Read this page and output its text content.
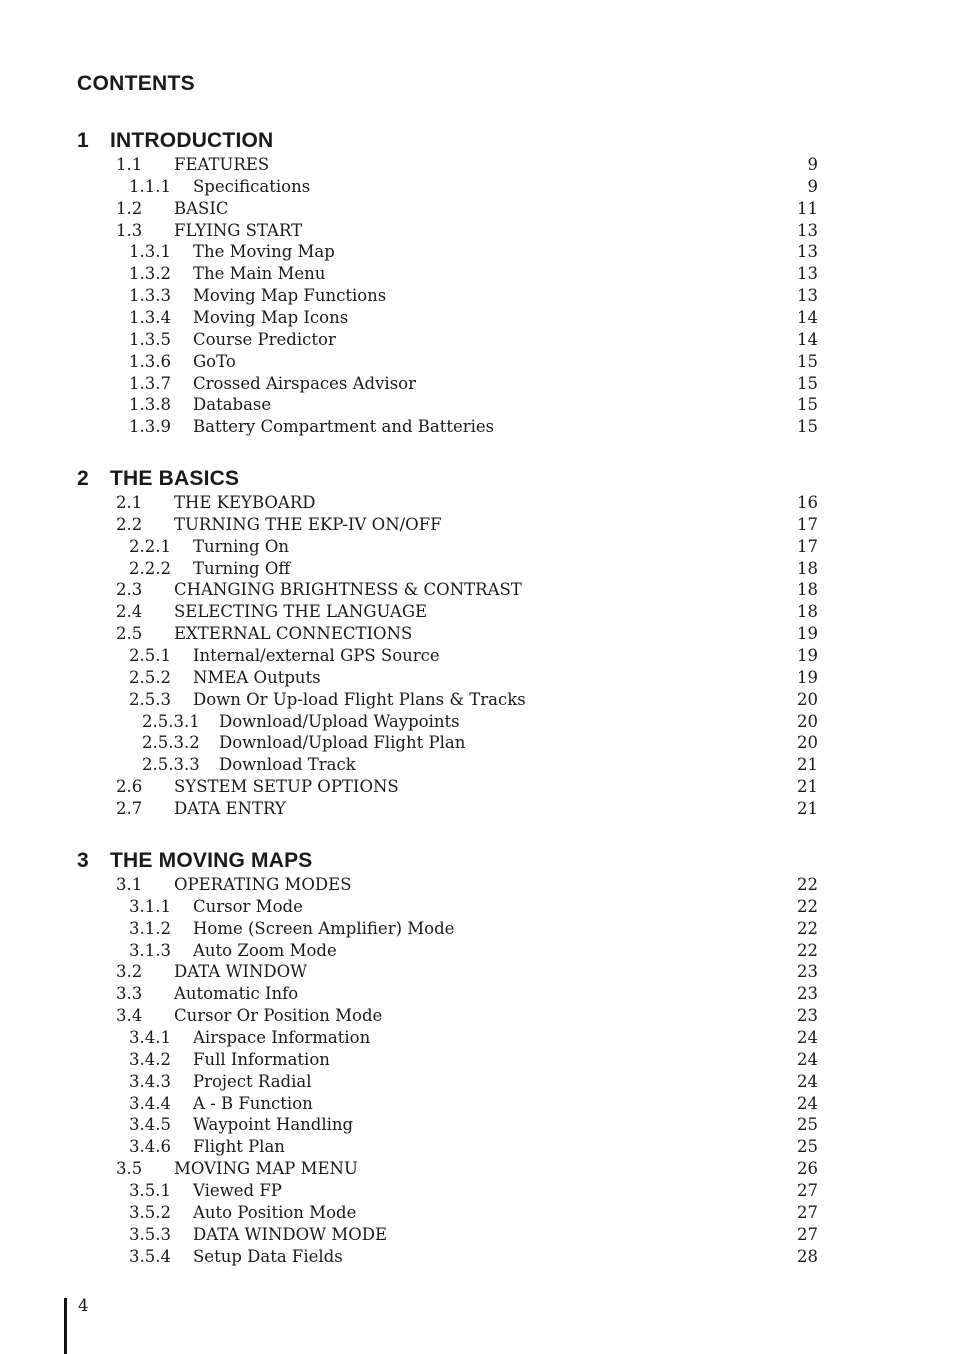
CONTENTS
1 INTRODUCTION
1.1 FEATURES	9
1.1.1 Specifications	9
1.2 BASIC	11
1.3 FLYING START	13
1.3.1 The Moving Map	13
1.3.2 The Main Menu	13
1.3.3 Moving Map Functions	13
1.3.4 Moving Map Icons	14
1.3.5 Course Predictor	14
1.3.6 GoTo	15
1.3.7 Crossed Airspaces Advisor	15
1.3.8 Database	15
1.3.9 Battery Compartment and Batteries	15
2 THE BASICS
2.1 THE KEYBOARD	16
2.2 TURNING THE EKP-IV ON/OFF	17
2.2.1 Turning On	17
2.2.2 Turning Off	18
2.3 CHANGING BRIGHTNESS & CONTRAST	18
2.4 SELECTING THE LANGUAGE	18
2.5 EXTERNAL CONNECTIONS	19
2.5.1 Internal/external GPS Source	19
2.5.2 NMEA Outputs	19
2.5.3 Down Or Up-load Flight Plans & Tracks	20
2.5.3.1 Download/Upload Waypoints	20
2.5.3.2 Download/Upload Flight Plan	20
2.5.3.3 Download Track	21
2.6 SYSTEM SETUP OPTIONS	21
2.7 DATA ENTRY	21
3 THE MOVING MAPS
3.1 OPERATING MODES	22
3.1.1 Cursor Mode	22
3.1.2 Home (Screen Amplifier) Mode	22
3.1.3 Auto Zoom Mode	22
3.2 DATA WINDOW	23
3.3 Automatic Info	23
3.4 Cursor Or Position Mode	23
3.4.1 Airspace Information	24
3.4.2 Full Information	24
3.4.3 Project Radial	24
3.4.4 A - B Function	24
3.4.5 Waypoint Handling	25
3.4.6 Flight Plan	25
3.5 MOVING MAP MENU	26
3.5.1 Viewed FP	27
3.5.2 Auto Position Mode	27
3.5.3 DATA WINDOW MODE	27
3.5.4 Setup Data Fields	28
4
